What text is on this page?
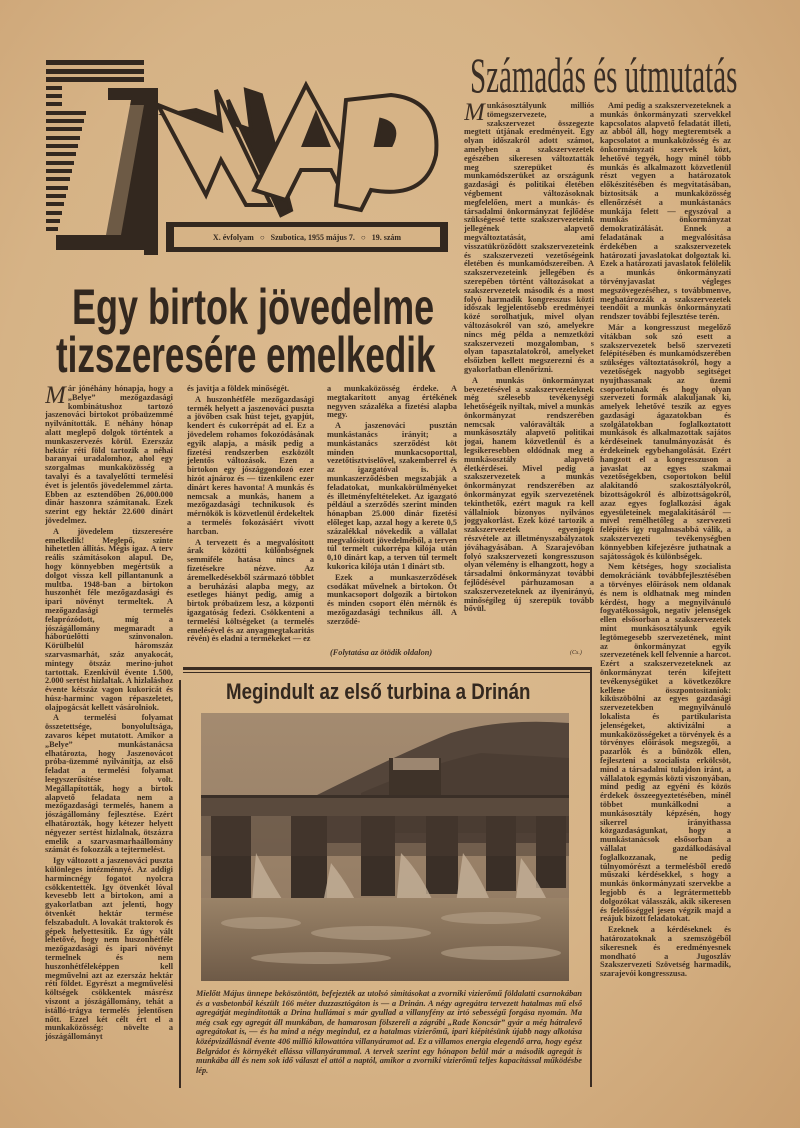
X. évfolyam ○ Szubotica, 1955 május 7. ○ 19. szám
Számadás és útmutatás
Egy birtok jövedelme
tizszeresére emelkedik

Már jónéhány hónapja, hogy a „Belye” mezőgazdasági kombinátushoz tartozó jaszenováci birtokot próbaüzemmé nyilvánították. E néhány hónap alatt meglepő dolgok történtek a munkaszervezés körül. Ezerszáz hektár réti föld tartozik a néhai baranyai uradalomhoz, ahol egy szorgalmas munkaközösség a tavalyi és a tavalyelőtti termelési évet is jelentős jövedelemmel zárta. Ebben az esztendőben 26,000.000 dinár haszonra számítanak. Ezek szerint egy hektár 22.600 dinárt jövedelmez.

A jövedelem tizszeresére emelkedik! Meglepő, szinte hihetetlen állítás. Mégis igaz. A terv reális számításokon alapul. De, hogy könnyebben megértsük a dolgot vissza kell pillantanunk a multba. 1948-ban a birtokon huszonhét féle mezőgazdasági és ipari növényt termeltek. A mezőgazdasági termelés felaprózódott, míg a jószágállomány megmaradt a háborúelőtti szinvonalon. Körülbelül háromszáz szarvasmarhát, száz anyakocát, mintegy ötszáz merino-juhot tartottak. Ezenkivül évente 1.500, 2.000 sertést hizlaltak. A hizlaláshoz évente kétszáz vagon kukoricát és húsz-harminc vagon répaszeletet, olajpogácsát kellett vásárolniok.

A termelési folyamat összetettsége, bonyolultsága, zavaros képet mutatott. Amikor a „Belye” munkástanácsa elhatározta, hogy Jaszenovácot próba-üzemmé nyilvánítja, az első feladat a termelési folyamat leegyszerűsítése volt. Megállapították, hogy a birtok alapvető feladata nem a mezőgazdasági termelés, hanem a jószágállomány fejlesztése. Ezért elhatározták, hogy kétezer helyett négyezer sertést hizlalnak, ötszázra emelik a szarvasmarhaállomány számát és fokozzák a tejtermelést.

Igy változott a jaszenováci puszta különleges intézménnyé. Az addigi harmincnégy fogatot nyolcra csökkentették. Igy ötvenkét lóval kevesebb lett a birtokon, ami a gyakorlatban azt jelenti, hogy ötvenkét hektár termése felszabadult. A lovakát traktorok és gépek helyettesítik. Ez úgy vált lehetővé, hogy nem huszonhétféle mezőgazdasági és ipari növényt termelnek és nem huszonhétféleképpen kell megművelni azt az ezerszáz hektár réti földet. Egyrészt a megművelési költségek csökkentek másrész viszont a jószágállomány, tehát a istálló-trágya termelés jelentősen nőtt. Ezzel két célt ért el a munkaközösség: növelte a jószágállományt

és javitja a földek minőségét.

A huszonhétféle mezőgazdasági termék helyett a jaszenováci puszta a jövőben csak húst tejet, gyapjút, kendert és cukorrépát ad el. Ez a jövedelem rohamos fokozódásának egyik alapja, a másik pedig a fizetési rendszerben eszközölt jelentős változások. Ezen a birtokon egy jószággondozó ezer hizót ajnároz és — tizenkilenc ezer dinárt keres havonta! A munkás és nemcsak a munkás, hanem a mezőgazdasági technikusok és mérnökök is közvetlenül érdekeltek a termelés fokozásáért vivott harcban.

A tervezett és a megvalósitott árak közötti különbségnek semmiféle hatása nincs a fizetésekre nézve. Az áremelkedésekből származó többlet a beruházási alapba megy, az esetleges hiányt pedig, amíg a birtok próbaüzem lesz, a központi igazgatóság fedezi. Csökkenteni a termelési költségeket (a termelés emelésével és az anyagmegtakaritás révén) és eladni a termékeket — ez

a munkaközösség érdeke. A megtakaritott anyag értékének negyven százaléka a fizetési alapba megy.

A jaszenováci pusztán munkástanács irányit; a munkástanács szerződést köt minden munkacsoporttal, vezetőtisztviselővel, szakemberrel és az igazgatóval is. A munkaszerződésben megszabják a feladatokat, munkakörülményeket és illetményfeltételeket. Az igazgató például a szerződés szerint minden hónapban 25.000 dinár fizetési előleget kap, azzal hogy a kerete 0,5 százalékkal növekedik a vállalat megvalósitott jövedelméből, a terven túl termelt cukorrépa kilója után 0,10 dinárt kap, a terven túl termelt kukorica kilója után 1 dinárt stb.

Ezek a munkaszerződések csodákat művelnek a birtokon. Öt munkacsoport dolgozik a birtokon és minden csoport élén mérnök és mezőgazdasági technikus áll. A szerződé-

(Folytatása az ötödik oldalon)

Munkásosztályunk milliós tömegszervezete, a szakszervezet összegezte megtett útjának eredményeit. Egy olyan időszakról adott számot, amelyben a szakszervezetek egészében sikeresen változtatták meg szerepüket és munkamódszerüket az országunk gazdasági és politikai életében végbement változásoknak megfelelően, mert a munkás- és társadalmi önkormányzat fejlődése szükségessé tette szakszervezeteink jellegének alapvető megváltoztatását, ami visszatükröződött szakszervezeteink és szakszervezeti vezetőségeink életében és munkamódszereiben. A szakszervezeteink jellegében és szerepében történt változásokat a szakszervezetek második és a most folyó harmadik kongresszus közti időszak legjelentősebb eredményei közé sorolhatjuk, mivel olyan változásokról van szó, amelyekre nincs még példa a nemzetközi szakszervezeti mozgalomban, s olyan tapasztalatokról, amelyeket elsőizben kellett megszerezni és a gyakorlatban ellenőrizni.

A munkás önkormányzat bevezetésével a szakszervezeteknek még szélesebb tevékenységi lehetőségeik nyiltak, mivel a munkás önkormányzat rendszerében nemcsak valóraválták a munkásosztály alapvető politikai jogai, hanem közvetlenül és a legsikeresebben oldódnak meg a munkásosztály alapvető életkérdései. Mivel pedig a szakszervezetek a munkás önkormányzat rendszerében az önkormányzat egyik szervezetének tekinthetők, ezért maguk ra kell vállalniok bizonyos nyilvános joggyakorlást. Ezek közé tartozik a szakszervezetek egyenjogú részvétele az illetményszabályzatok jóváhagyásában. A Szarajevóban folyó szakszervezeti kongresszuson olyan vélemény is elhangzott, hogy a társadalmi önkormányzat további fejlődésével párhuzamosan a szakszervezeteknek az ilyenirányú, minőségileg új szerepük tovább bővül.

(Cs.)

Ami pedig a szakszervezeteknek a munkás önkormányzati szervekkel kapcsolatos alapvető feladatát illeti, az abból áll, hogy megteremtsék a kapcsolatot a munkaközösség és az önkormányzati szervek közt, lehetővé tegyék, hogy minél több munkás és alkalmazott közvetlenül részt vegyen a határozatok előkészitésében és megvitatásában, biztositsák a munkaközösség ellenőrzését a munkástanács munkája felett — egyszóval a munkás önkormányzat demokratizálását. Ennek a feladatának a megvalósitása érdekében a szakszervezetek határozati javaslatokat dolgoztak ki. Ezek a határozati javaslatok felölelik a munkás önkormányzati törvényjavaslat végleges megszövegezéséhez, s továbbmenve, meghatározzák a szakszervezetek teendőit a munkás önkormányzati rendszer további fejlesztése terén.

Már a kongresszust megelőző vitákban sok szó esett a szakszervezetek belső szervezeti felépitésében és munkamódszerében szükséges változtatásokról, hogy a vezetőségek nagyobb segitséget nyujthassanak az üzemi csoportoknak és hogy olyan szervezeti formák alakuljanak ki, amelyek lehetővé teszik az egyes gazdasági ágazatokban és szolgálatokban foglalkoztatott munkások és alkalmazottak sajátos kérdéseinek tanulmányozását és érdekeinek egybehangolását. Ezért hangzott el a kongresszuson a javaslat az egyes szakmai vezetőségekben, csoportokon belül alakitandó szakosztályokról, bizottságokról és albizottságokról, azaz egyes foglalkozási ágak egyesületeinek megalakitásáról — mivel remélhetőleg a szervezeti felépités igy rugalmasabbá válik, a szakszervezeti tevékenységben könnyebben kifejezésre juthatnak a sajátosságok és különbségek.

Nem kétséges, hogy szocialista demokráciánk továbbfejlesztésében a törvényes előirások nem oldanak és nem is oldhatnak meg minden kérdést, hogy a megnyilvánuló fogyatékosságok, negativ jelenségek ellen elsősorban a szakszervezetek mint munkásosztályunk egyik legtömegesebb szervezetének, mint az önkormányzat egyik szervezetének kell felvennie a harcot. Ezért a szakszervezeteknek az önkormányzat terén kifejtett tevékenységüket a következőkre kellene összpontositaniok: kiküszöbölni az egyes gazdasági szervezetekben megnyilvánuló lokalista és partikularista jelenségeket, aktivizálni a munkaközösségeket a törvények és a törvényes előirások megszegői, a pazarlók és a bűnözők ellen, fejleszteni a szocialista erkölcsöt, mind a társadalmi tulajdon iránt, a vállalatok egymás közti viszonyában, mind pedig az egyéni és közös érdekek összeegyeztetésében, minél többet munkálkodni a munkásosztály képzésén, hogy sikerrel irányithassa közgazdaságunkat, hogy a munkástanácsok elsősorban a vállalat gazdálkodásával foglalkozzanak, ne pedig túlnyomórészt a termelésből eredő műszaki kérdésekkel, s hogy a munkás önkormányzati szervekbe a legjobb és a legrátermettebb dolgozókat válasszák, akik sikeresen és felelősséggel jesen végzik majd a reájuk bizott feladatokat.

Ezeknek a kérdéseknek és határozatoknak a szemszögéből sikeresnek és eredményesnek mondható a Jugoszláv Szakszervezeti Szövetség harmadik, szarajevói kongresszusa.

Megindult az első turbina a Drinán
Mielőtt Május ünnepe beköszöntött, befejezték az utolsó simitásokat a zvorniki vizierőmű földalatti csarnokában és a vasbetonból készült 166 méter duzzasztógáton is — a Drinán. A négy agregátra tervezett hatalmas mű első agregátját megindították a Drina hullámai s már gyullad a villanyfény az irtó sebességű forgása nyomán. Ma még csak egy agregát áll munkában, de hamarosan fölszereli a zágrábi „Rade Koncsár” gyár a még hátralevő agregátokat is, — és ha mind a négy megindul, ez a hatalmas vizierőmű, ipari kiépitésünk újabb nagy alkotása középvizállásnál évente 406 millió kilowattóra villanyáramot ad. Ez a villamos energia elegendő arra, hogy egész Belgrádot és környékét ellássa villanyárammal. A tervek szerint egy hónapon belül már a második agregát is munkába áll és nem sok idő választ el attól a naptól, amikor a zvorniki vizierőmű teljes kapacitással működésbe lép.
